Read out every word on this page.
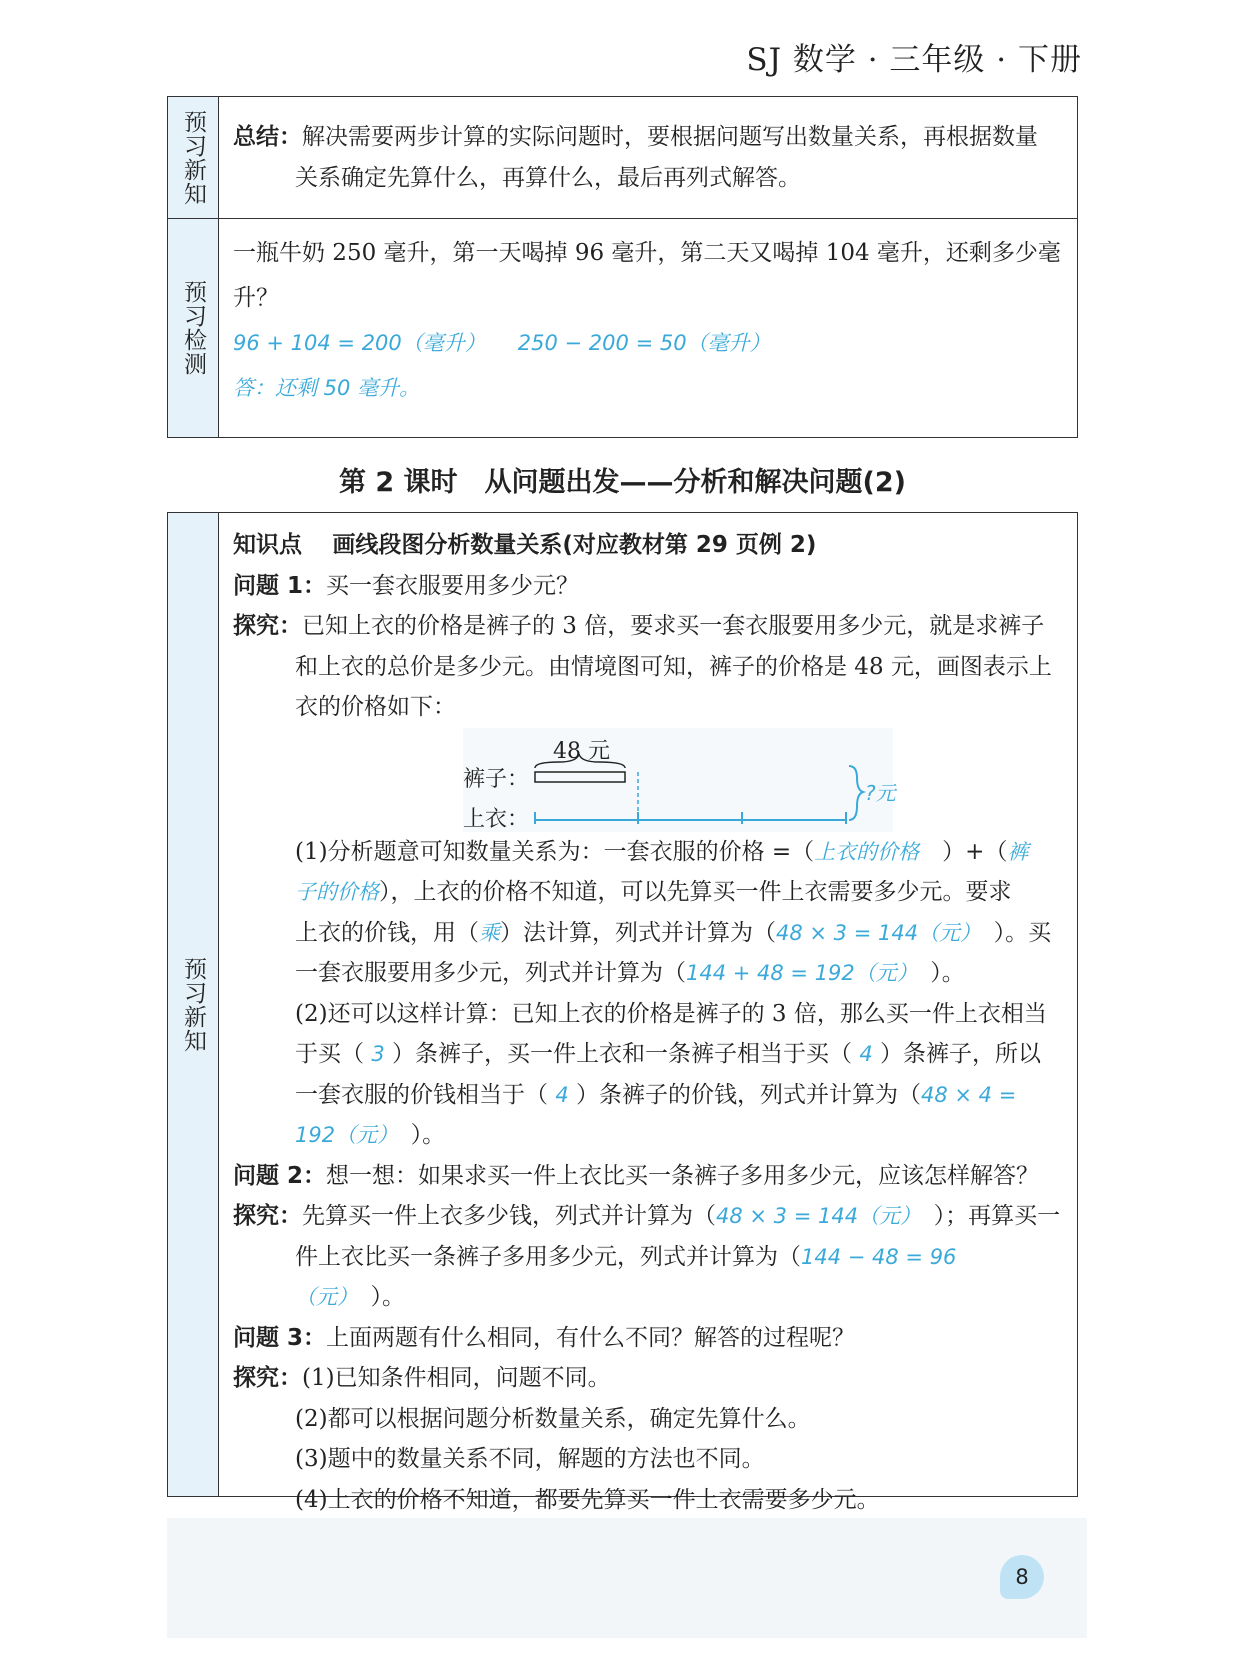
SJ 数学 · 三年级 · 下册
预习新知 总结：解决需要两步计算的实际问题时，要根据问题写出数量关系，再根据数量
关系确定先算什么，再算什么，最后再列式解答。
预习检测
一瓶牛奶 250 毫升，第一天喝掉 96 毫升，第二天又喝掉 104 毫升，还剩多少毫升？
96 + 104 = 200（毫升） 250 − 200 = 50（毫升）
答：还剩 50 毫升。
第 2 课时　从问题出发——分析和解决问题(2)
预习新知
知识点　 画线段图分析数量关系(对应教材第 29 页例 2)
问题 1：买一套衣服要用多少元？
探究：已知上衣的价格是裤子的 3 倍，要求买一套衣服要用多少元，就是求裤子
和上衣的总价是多少元。由情境图可知，裤子的价格是 48 元，画图表示上
衣的价格如下：
48 元
裤子：
上衣：
?元
(1)分析题意可知数量关系为：一套衣服的价格 =（上衣的价格　 ）+（裤
子的价格），上衣的价格不知道，可以先算买一件上衣需要多少元。要求
上衣的价钱，用（乘）法计算，列式并计算为（48 × 3 = 144（元）　 ）。买
一套衣服要用多少元，列式并计算为（144 + 48 = 192（元）　 ）。
(2)还可以这样计算：已知上衣的价格是裤子的 3 倍，那么买一件上衣相当
于买（ 3 ）条裤子，买一件上衣和一条裤子相当于买（ 4 ）条裤子，所以
一套衣服的价钱相当于（ 4 ）条裤子的价钱，列式并计算为（48 × 4 =
192（元）　 ）。
问题 2：想一想：如果求买一件上衣比买一条裤子多用多少元，应该怎样解答？
探究：先算买一件上衣多少钱，列式并计算为（48 × 3 = 144（元）　 ）；再算买一
件上衣比买一条裤子多用多少元，列式并计算为（144 − 48 = 96（元）　 ）。
问题 3：上面两题有什么相同，有什么不同？解答的过程呢？
探究：(1)已知条件相同，问题不同。
(2)都可以根据问题分析数量关系，确定先算什么。
(3)题中的数量关系不同，解题的方法也不同。
(4)上衣的价格不知道，都要先算买一件上衣需要多少元。
8
